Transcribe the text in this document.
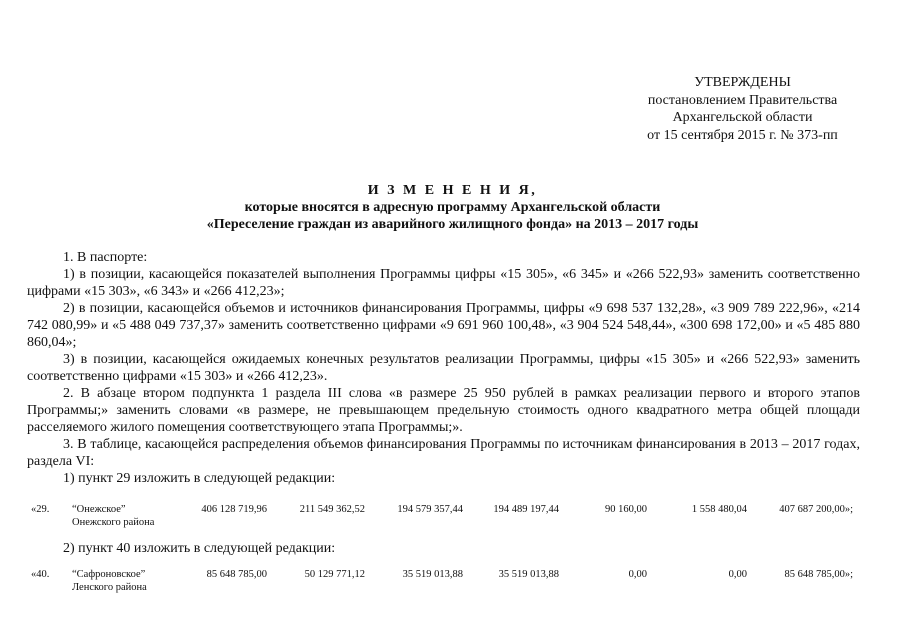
УТВЕРЖДЕНЫ
постановлением Правительства
Архангельской области
от 15 сентября 2015 г. № 373-пп
И З М Е Н Е Н И Я,
которые вносятся в адресную программу Архангельской области
«Переселение граждан из аварийного жилищного фонда» на 2013 – 2017 годы

1. В паспорте:

1) в позиции, касающейся показателей выполнения Программы цифры «15 305», «6 345» и «266 522,93» заменить соответственно цифрами «15 303», «6 343» и «266 412,23»;

2) в позиции, касающейся объемов и источников финансирования Программы, цифры «9 698 537 132,28», «3 909 789 222,96», «214 742 080,99» и «5 488 049 737,37» заменить соответственно цифрами «9 691 960 100,48», «3 904 524 548,44», «300 698 172,00» и «5 485 880 860,04»;

3) в позиции, касающейся ожидаемых конечных результатов реализации Программы, цифры «15 305» и «266 522,93» заменить соответственно цифрами «15 303» и «266 412,23».

2. В абзаце втором подпункта 1 раздела III слова «в размере 25 950 рублей в рамках реализации первого и второго этапов Программы;» заменить словами «в размере, не превышающем предельную стоимость одного квадратного метра общей площади расселяемого жилого помещения соответствующего этапа Программы;».

3. В таблице, касающейся распределения объемов финансирования Программы по источникам финансирования в 2013 – 2017 годах, раздела VI:

1) пункт 29 изложить в следующей редакции:

«29. “Онежское”
Онежского района
406 128 719,96	211 549 362,52	194 579 357,44	194 489 197,44	90 160,00	1 558 480,04	407 687 200,00»;
2) пункт 40 изложить в следующей редакции:
«40. “Сафроновское”
Ленского района
85 648 785,00	50 129 771,12	35 519 013,88	35 519 013,88	0,00	0,00	85 648 785,00»;
